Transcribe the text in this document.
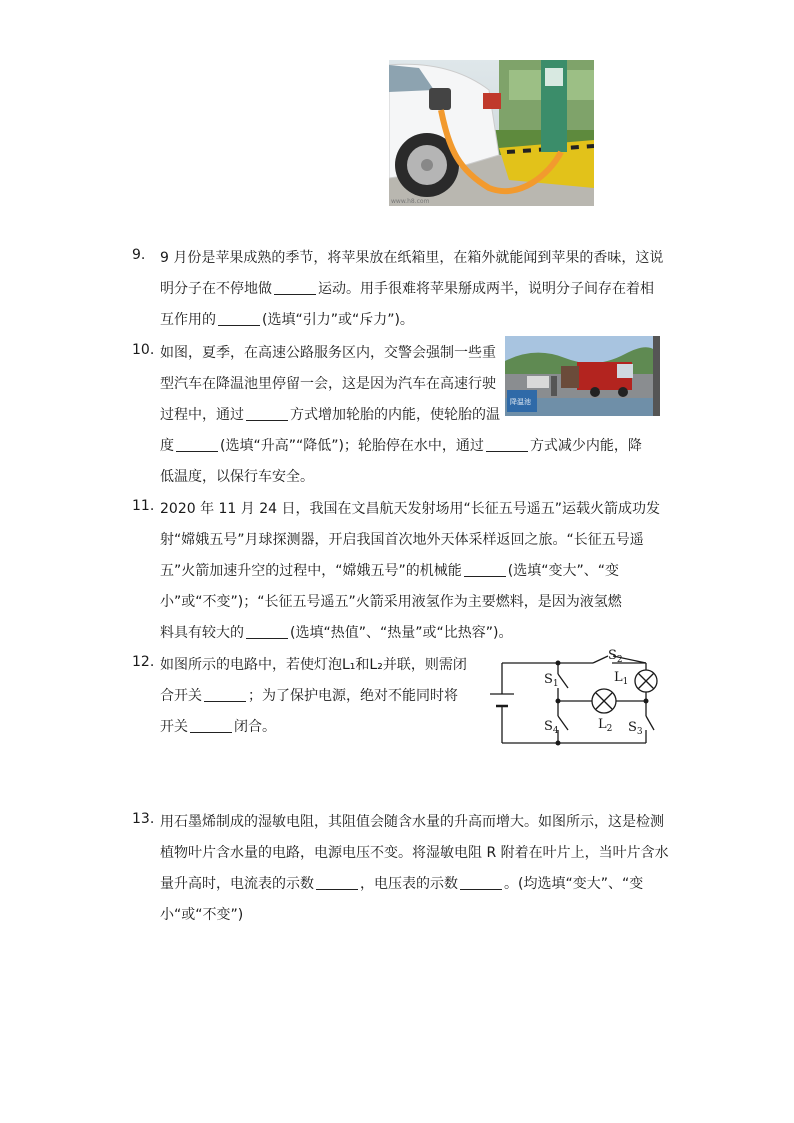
www.h8.com
9.	9 月份是苹果成熟的季节，将苹果放在纸箱里，在箱外就能闻到苹果的香味，这说
明分子在不停地做	运动。用手很难将苹果掰成两半，说明分子间存在着相
互作用的	(选填“引力”或“斥力”)。
10. 如图，夏季，在高速公路服务区内，交警会强制一些重
型汽车在降温池里停留一会，这是因为汽车在高速行驶
过程中，通过	方式增加轮胎的内能，使轮胎的温
度	(选填“升高”“降低”)；轮胎停在水中，通过	方式减少内能，降
低温度，以保行车安全。
降温池
11. 2020 年 11 月 24 日，我国在文昌航天发射场用“长征五号遥五”运载火箭成功发
射“嫦娥五号”月球探测器，开启我国首次地外天体采样返回之旅。“长征五号遥
五”火箭加速升空的过程中，“嫦娥五号”的机械能	(选填“变大”、“变
小”或“不变”)；“长征五号遥五”火箭采用液氢作为主要燃料，是因为液氢燃
料具有较大的	(选填“热值”、“热量”或“比热容”)。
12. 如图所示的电路中，若使灯泡L₁和L₂并联，则需闭
合开关	；为了保护电源，绝对不能同时将
开关	闭合。
$S_2$
$S_1$	$L_1$
$L_2$
$S_4$	$S_3$
13. 用石墨烯制成的湿敏电阻，其阻值会随含水量的升高而增大。如图所示，这是检测
植物叶片含水量的电路，电源电压不变。将湿敏电阻 R 附着在叶片上，当叶片含水
量升高时，电流表的示数	，电压表的示数	。(均选填“变大”、“变
小“或“不变”)
